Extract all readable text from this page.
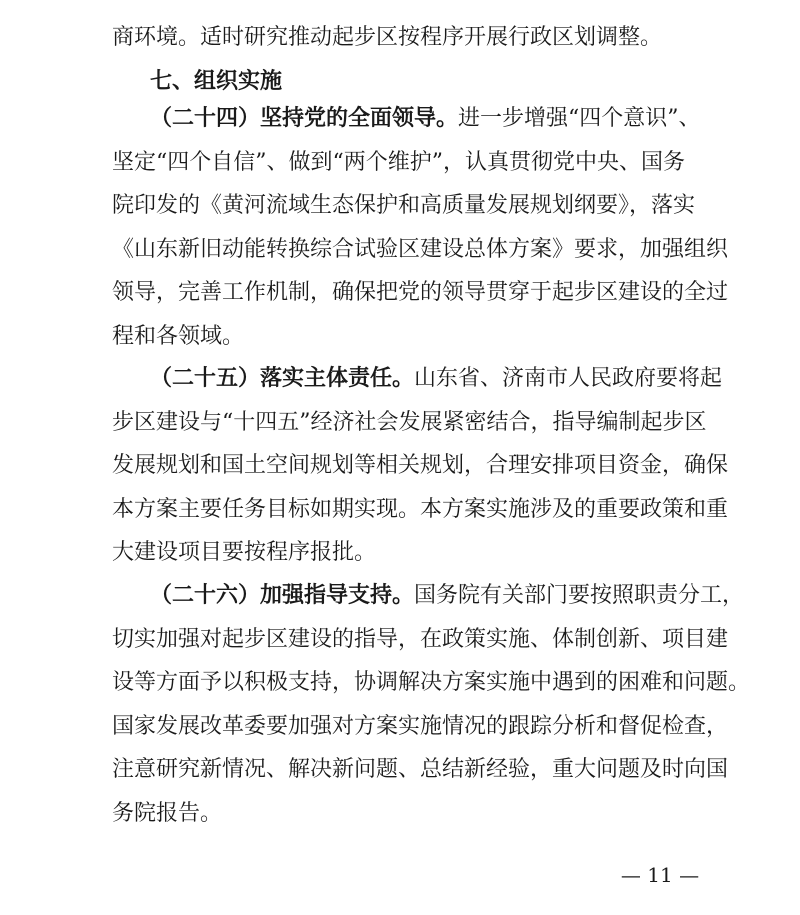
商环境。适时研究推动起步区按程序开展行政区划调整。
七、组织实施
（二十四）坚持党的全面领导。进一步增强“四个意识”、
坚定“四个自信”、做到“两个维护”，认真贯彻党中央、国务
院印发的《黄河流域生态保护和高质量发展规划纲要》，落实
《山东新旧动能转换综合试验区建设总体方案》要求，加强组织
领导，完善工作机制，确保把党的领导贯穿于起步区建设的全过
程和各领域。
（二十五）落实主体责任。山东省、济南市人民政府要将起
步区建设与“十四五”经济社会发展紧密结合，指导编制起步区
发展规划和国土空间规划等相关规划，合理安排项目资金，确保
本方案主要任务目标如期实现。本方案实施涉及的重要政策和重
大建设项目要按程序报批。
（二十六）加强指导支持。国务院有关部门要按照职责分工，
切实加强对起步区建设的指导，在政策实施、体制创新、项目建
设等方面予以积极支持，协调解决方案实施中遇到的困难和问题。
国家发展改革委要加强对方案实施情况的跟踪分析和督促检查，
注意研究新情况、解决新问题、总结新经验，重大问题及时向国
务院报告。
— 11 —
